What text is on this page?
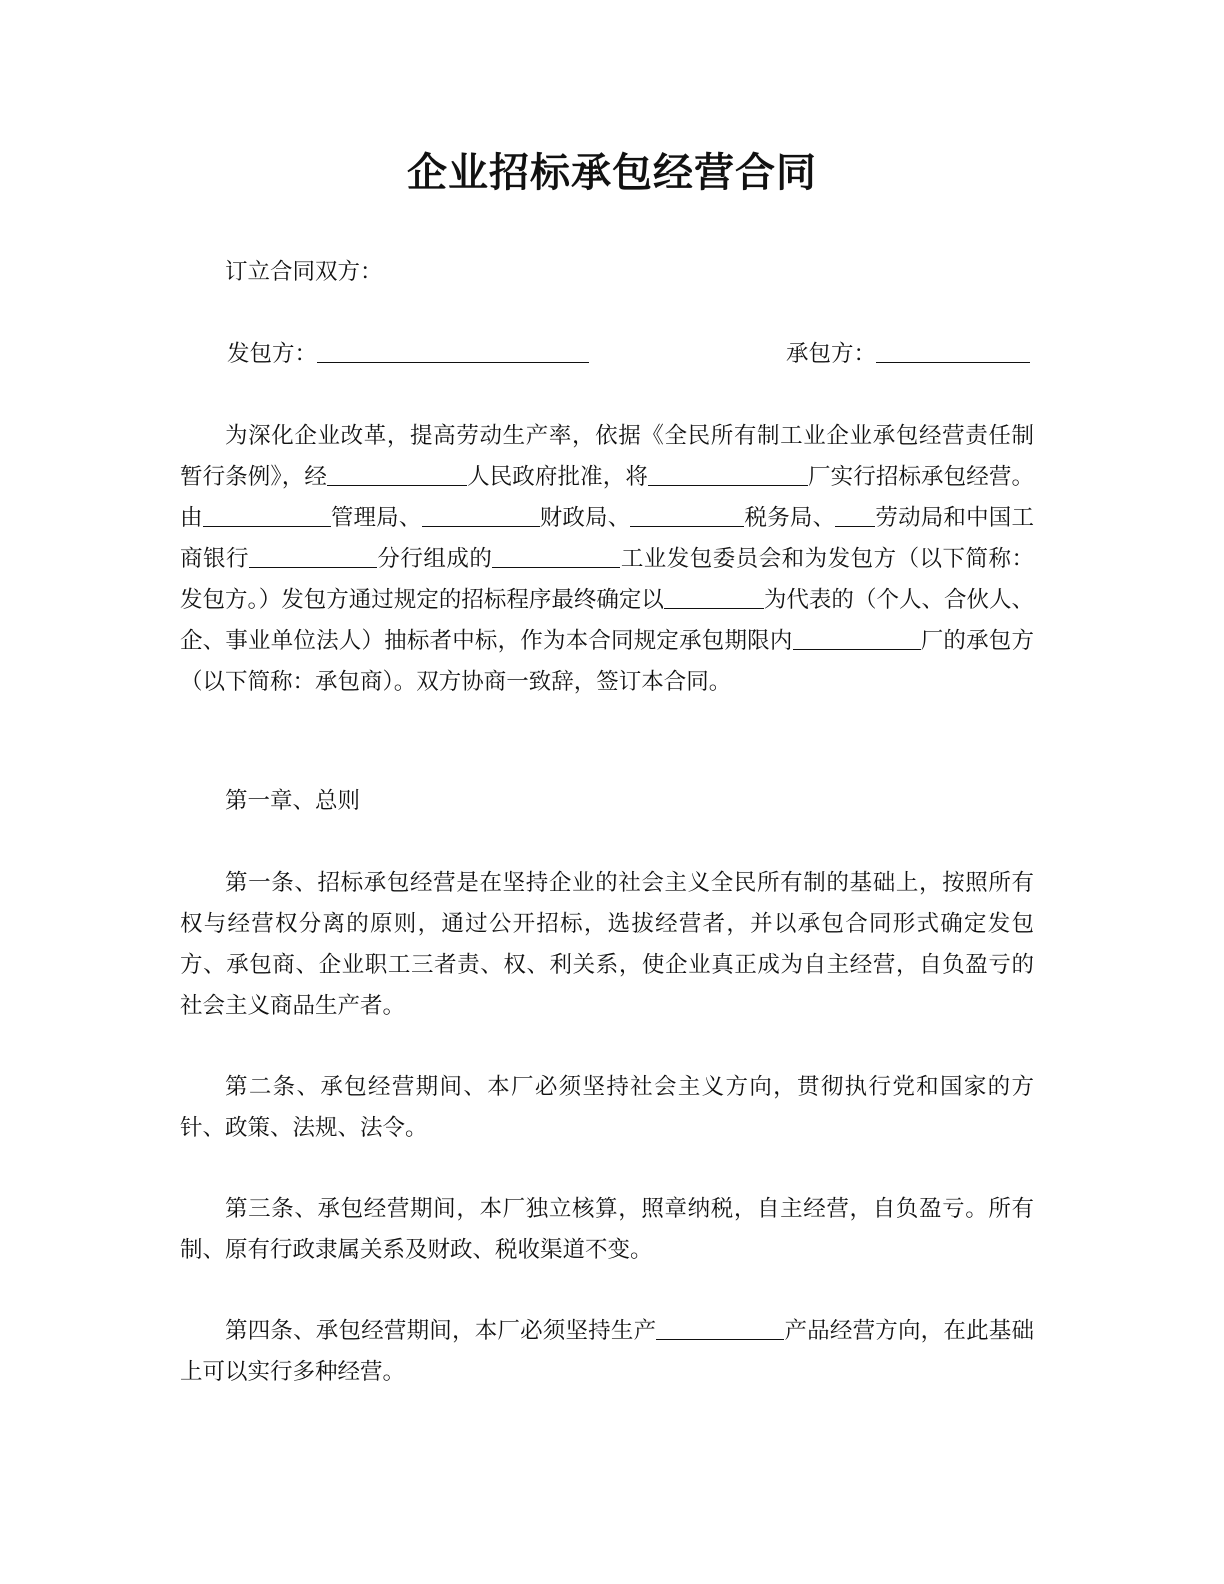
企业招标承包经营合同
订立合同双方：
发包方：	承包方：
为深化企业改革，提高劳动生产率，依据《全民所有制工业企业承包经营责任制暂行条例》，经	人民政府批准，将	厂实行招标承包经营。由	管理局、	财政局、	税务局、 劳动局和中国工商银行	分行组成的	工业发包委员会和为发包方（以下简称：发包方。）发包方通过规定的招标程序最终确定以	为代表的（个人、合伙人、企、事业单位法人）抽标者中标，作为本合同规定承包期限内	厂的承包方（以下简称：承包商）。双方协商一致辞，签订本合同。
第一章、总则
第一条、招标承包经营是在坚持企业的社会主义全民所有制的基础上，按照所有权与经营权分离的原则，通过公开招标，选拔经营者，并以承包合同形式确定发包方、承包商、企业职工三者责、权、利关系，使企业真正成为自主经营，自负盈亏的社会主义商品生产者。
第二条、承包经营期间、本厂必须坚持社会主义方向，贯彻执行党和国家的方针、政策、法规、法令。
第三条、承包经营期间，本厂独立核算，照章纳税，自主经营，自负盈亏。所有制、原有行政隶属关系及财政、税收渠道不变。
第四条、承包经营期间，本厂必须坚持生产	产品经营方向，在此基础上可以实行多种经营。
